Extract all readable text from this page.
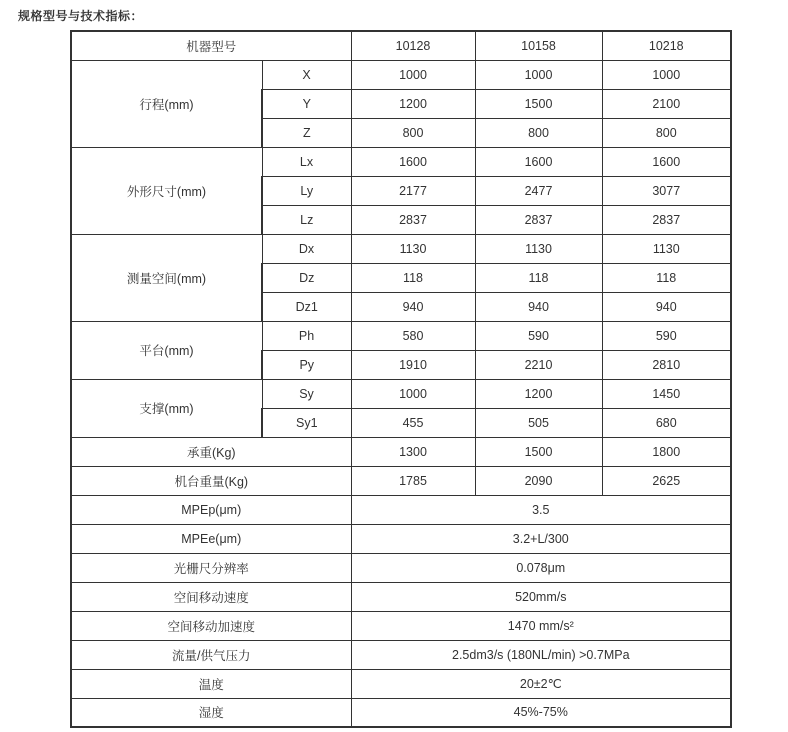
规格型号与技术指标：
机器型号		10128	10158	10218
行程(mm)	X	1000	1000	1000
	Y	1200	1500	2100
	Z	800	800	800
外形尺寸(mm)	Lx	1600	1600	1600
	Ly	2177	2477	3077
	Lz	2837	2837	2837
测量空间(mm)	Dx	1130	1130	1130
	Dz	118	118	118
	Dz1	940	940	940
平台(mm)	Ph	580	590	590
	Py	1910	2210	2810
支撑(mm)	Sy	1000	1200	1450
	Sy1	455	505	680
承重(Kg)		1300	1500	1800
机台重量(Kg)		1785	2090	2625
MPEp(μm)		3.5		
MPEe(μm)		3.2+L/300		
光栅尺分辨率		0.078μm		
空间移动速度		520mm/s		
空间移动加速度		1470 mm/s²		
流量/供气压力		2.5dm3/s (180NL/min) >0.7MPa		
温度		20±2℃		
湿度		45%-75%		
